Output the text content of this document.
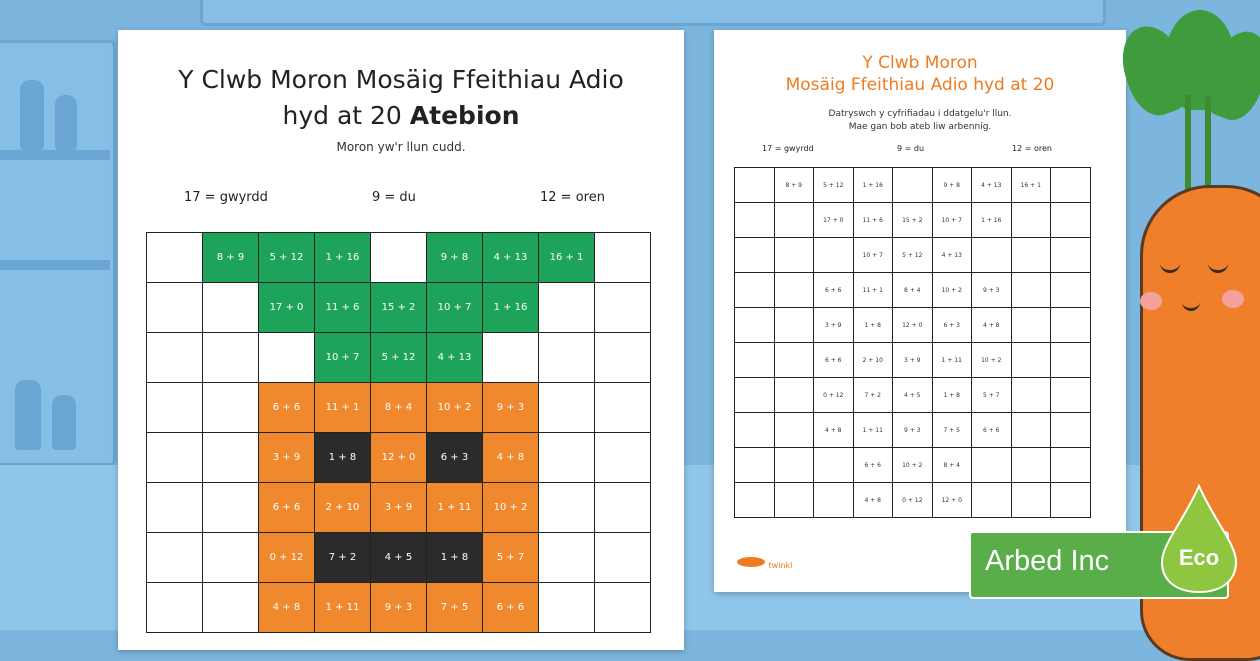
Y Clwb Moron Mosäig Ffeithiau Adio
hyd at 20 Atebion
Moron yw'r llun cudd.
17 = gwyrdd	9 = du	12 = oren
	8 + 9	5 + 12	1 + 16		9 + 8	4 + 13	16 + 1	
		17 + 0	11 + 6	15 + 2	10 + 7	1 + 16		
			10 + 7	5 + 12	4 + 13			
		6 + 6	11 + 1	8 + 4	10 + 2	9 + 3		
		3 + 9	1 + 8	12 + 0	6 + 3	4 + 8		
		6 + 6	2 + 10	3 + 9	1 + 11	10 + 2		
		0 + 12	7 + 2	4 + 5	1 + 8	5 + 7		
		4 + 8	1 + 11	9 + 3	7 + 5	6 + 6		
Y Clwb Moron
Mosäig Ffeithiau Adio hyd at 20
Datryswch y cyfrifiadau i ddatgelu'r llun.
Mae gan bob ateb liw arbennig.
17 = gwyrdd	9 = du	12 = oren
	8 + 9	5 + 12	1 + 16		9 + 8	4 + 13	16 + 1	
		17 + 0	11 + 6	15 + 2	10 + 7	1 + 16		
			10 + 7	5 + 12	4 + 13			
		6 + 6	11 + 1	8 + 4	10 + 2	9 + 3		
		3 + 9	1 + 8	12 + 0	6 + 3	4 + 8		
		6 + 6	2 + 10	3 + 9	1 + 11	10 + 2		
		0 + 12	7 + 2	4 + 5	1 + 8	5 + 7		
		4 + 8	1 + 11	9 + 3	7 + 5	6 + 6		
			6 + 6	10 + 2	8 + 4			
			4 + 8	0 + 12	12 + 0			
twinkl	Arbed Inc	Eco
